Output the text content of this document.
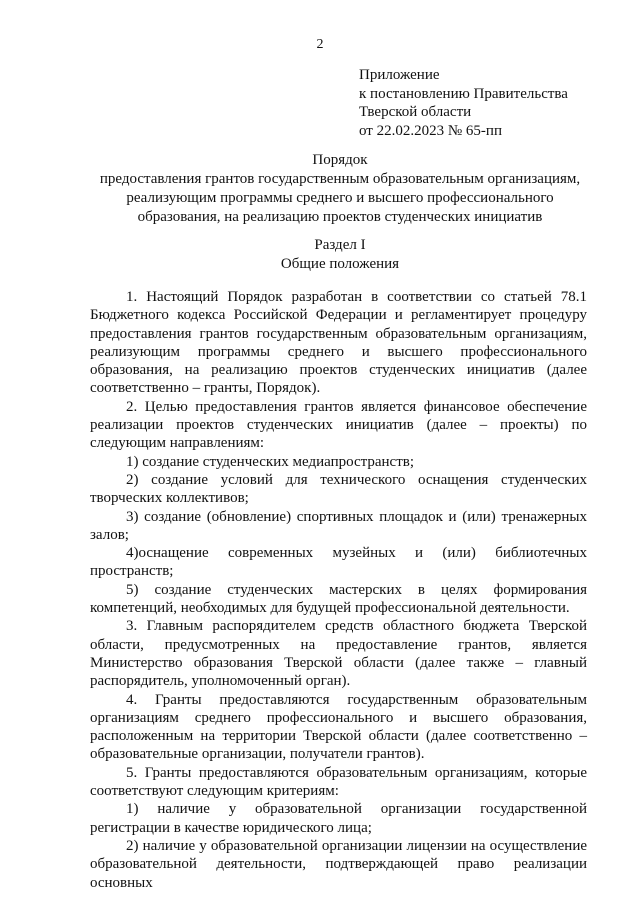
2
Приложение
к постановлению Правительства
Тверской области
от 22.02.2023 № 65-пп
Порядок
предоставления грантов государственным образовательным организациям,
реализующим программы среднего и высшего профессионального
образования, на реализацию проектов студенческих инициатив
Раздел I
Общие положения

1. Настоящий Порядок разработан в соответствии со статьей 78.1 Бюджетного кодекса Российской Федерации и регламентирует процедуру предоставления грантов государственным образовательным организациям, реализующим программы среднего и высшего профессионального образования, на реализацию проектов студенческих инициатив (далее соответственно – гранты, Порядок).

2. Целью предоставления грантов является финансовое обеспечение реализации проектов студенческих инициатив (далее – проекты) по следующим направлениям:

1) создание студенческих медиапространств;

2) создание условий для технического оснащения студенческих творческих коллективов;

3) создание (обновление) спортивных площадок и (или) тренажерных залов;

4)оснащение современных музейных и (или) библиотечных пространств;

5) создание студенческих мастерских в целях формирования компетенций, необходимых для будущей профессиональной деятельности.

3. Главным распорядителем средств областного бюджета Тверской области, предусмотренных на предоставление грантов, является Министерство образования Тверской области (далее также – главный распорядитель, уполномоченный орган).

4. Гранты предоставляются государственным образовательным организациям среднего профессионального и высшего образования, расположенным на территории Тверской области (далее соответственно – образовательные организации, получатели грантов).

5. Гранты предоставляются образовательным организациям, которые соответствуют следующим критериям:

1) наличие у образовательной организации государственной регистрации в качестве юридического лица;

2) наличие у образовательной организации лицензии на осуществление образовательной деятельности, подтверждающей право реализации основных
